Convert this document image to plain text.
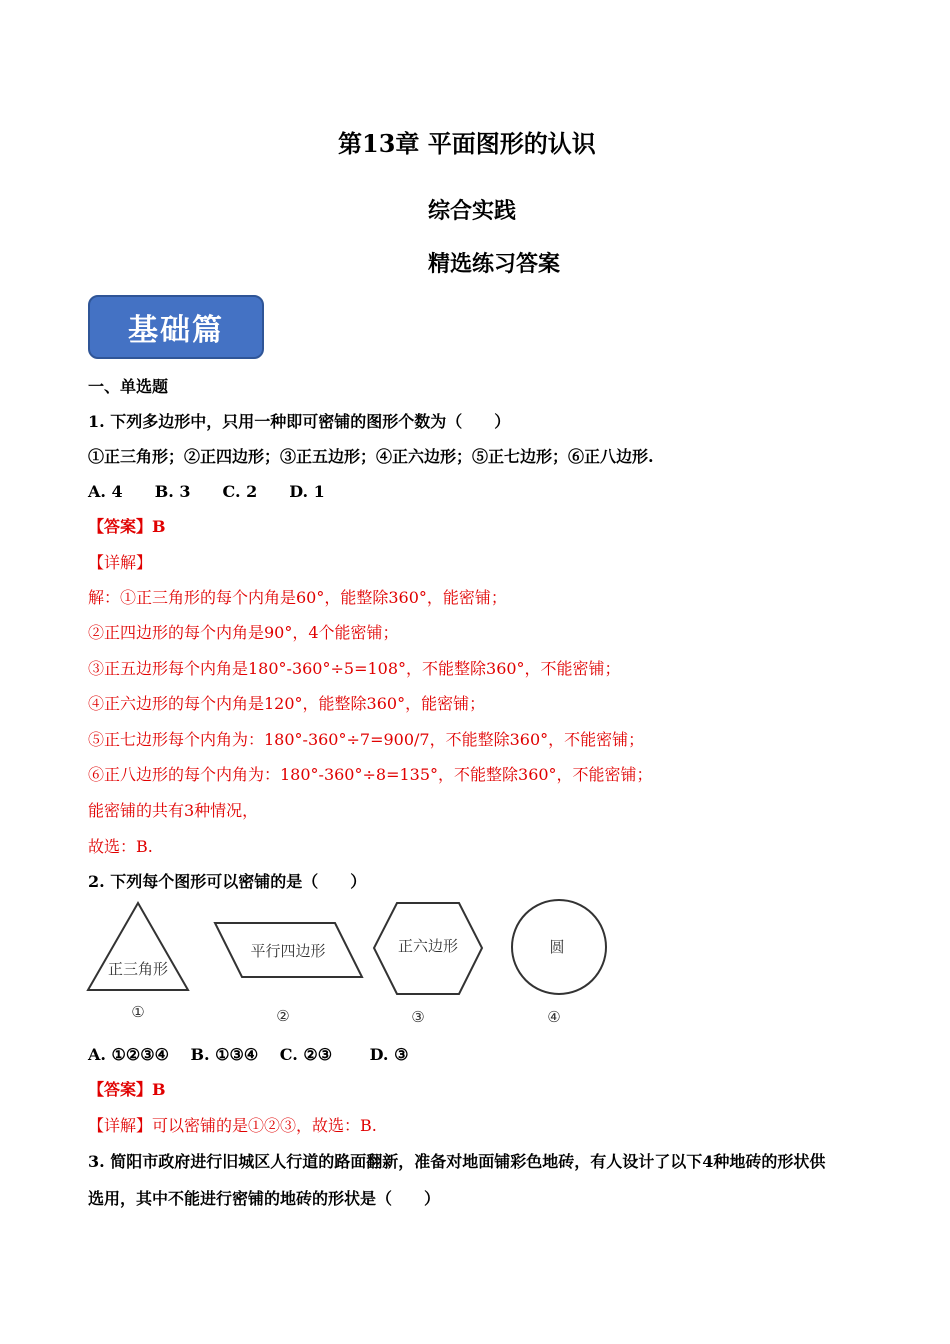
第13章 平面图形的认识
综合实践
精选练习答案
基础篇
一、单选题
1. 下列多边形中，只用一种即可密铺的图形个数为（　　）
①正三角形；②正四边形；③正五边形；④正六边形；⑤正七边形；⑥正八边形.
A. 4　　B. 3　　C. 2　　D. 1
【答案】B
【详解】
解：①正三角形的每个内角是60°，能整除360°，能密铺；
②正四边形的每个内角是90°，4个能密铺；
③正五边形每个内角是180°-360°÷5=108°，不能整除360°，不能密铺；
④正六边形的每个内角是120°，能整除360°，能密铺；
⑤正七边形每个内角为：180°-360°÷7=900/7，不能整除360°，不能密铺；
⑥正八边形的每个内角为：180°-360°÷8=135°，不能整除360°，不能密铺；
能密铺的共有3种情况，
故选：B.
2. 下列每个图形可以密铺的是（　　）
正三角形
①
平行四边形
②
正六边形
③
圆
④
A. ①②③④　 B. ①③④　 C. ②③　　 D. ③
【答案】B
【详解】可以密铺的是①②③，故选：B.
3. 简阳市政府进行旧城区人行道的路面翻新，准备对地面铺彩色地砖，有人设计了以下4种地砖的形状供
选用，其中不能进行密铺的地砖的形状是（　　）
